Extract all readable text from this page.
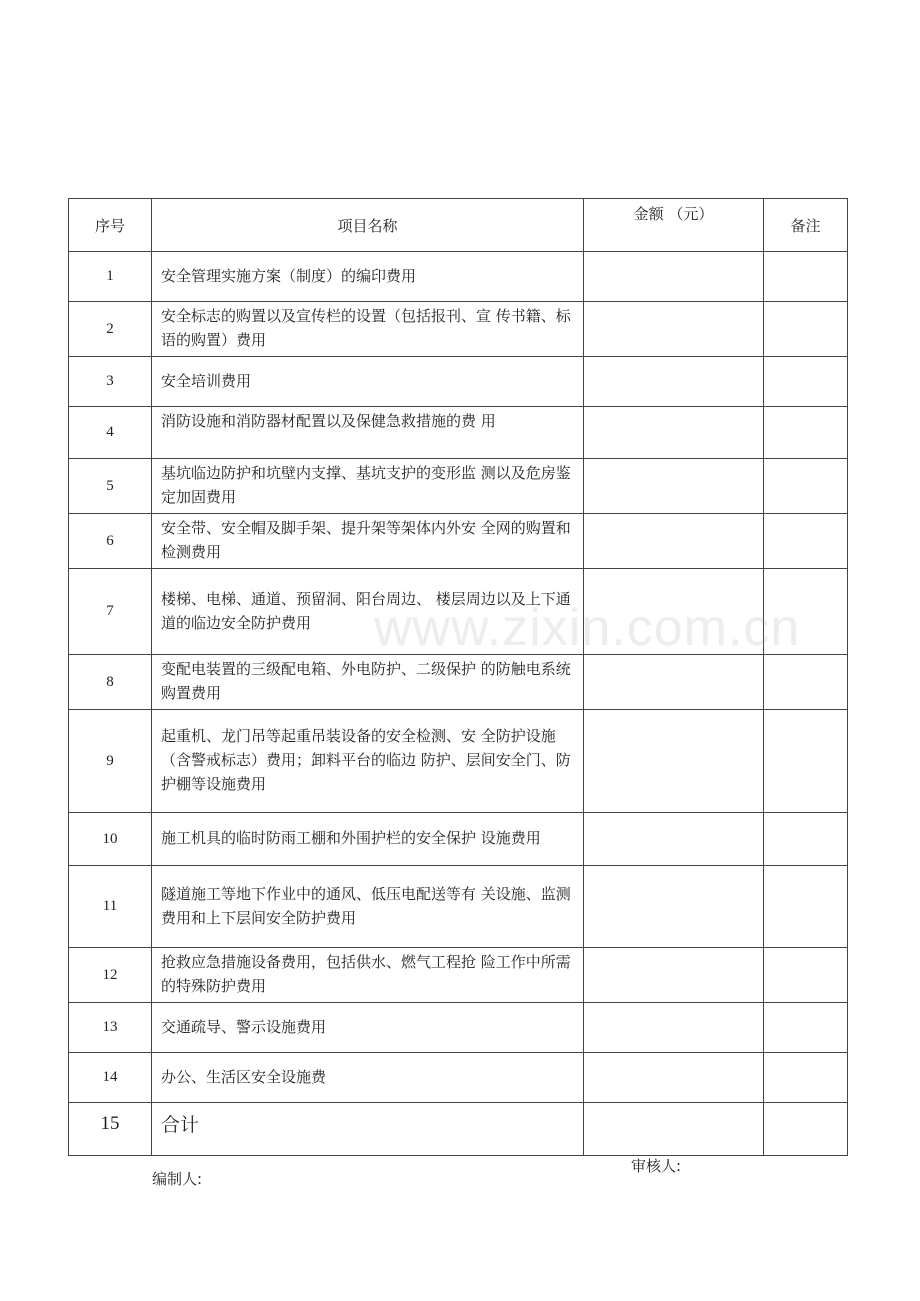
序号	项目名称	金额 （元）	备注
1	安全管理实施方案（制度）的编印费用		
2	安全标志的购置以及宣传栏的设置（包括报刊、宣 传书籍、标语的购置）费用		
3	安全培训费用		
4	消防设施和消防器材配置以及保健急救措施的费 用		
5	基坑临边防护和坑壁内支撑、基坑支护的变形监 测以及危房鉴定加固费用		
6	安全带、安全帽及脚手架、提升架等架体内外安 全网的购置和检测费用		
7	楼梯、电梯、通道、预留洞、阳台周边、 楼层周边以及上下通道的临边安全防护费用		
8	变配电装置的三级配电箱、外电防护、二级保护 的防触电系统购置费用		
9	起重机、龙门吊等起重吊装设备的安全检测、安 全防护设施（含警戒标志）费用；卸料平台的临边 防护、层间安全门、防护棚等设施费用		
10	施工机具的临时防雨工棚和外围护栏的安全保护 设施费用		
11	隧道施工等地下作业中的通风、低压电配送等有 关设施、监测费用和上下层间安全防护费用		
12	抢救应急措施设备费用，包括供水、燃气工程抢 险工作中所需的特殊防护费用		
13	交通疏导、警示设施费用		
14	办公、生活区安全设施费		
15	合计		
www.zixin.com.cn
编制人:
审核人:
